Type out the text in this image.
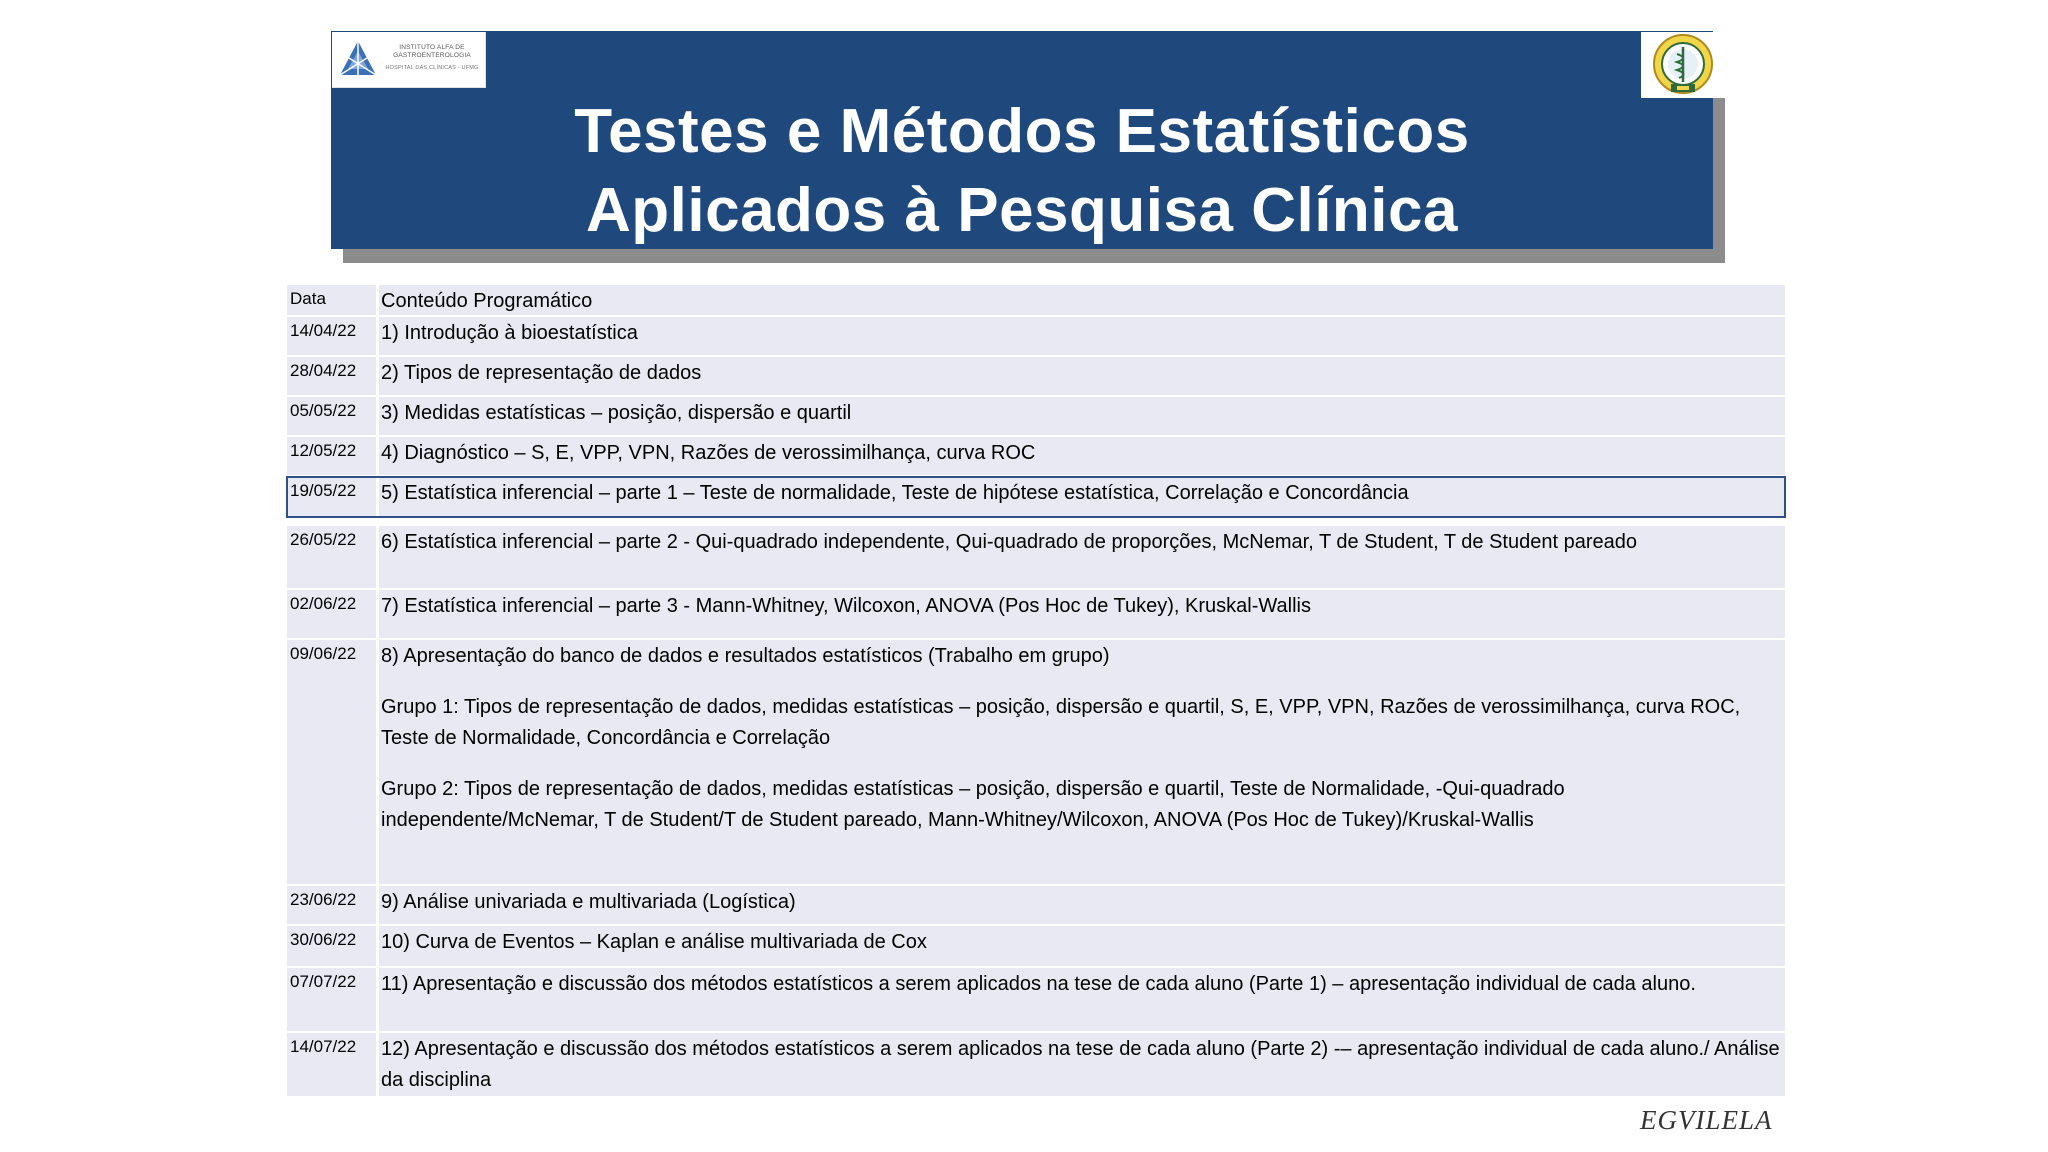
Testes e Métodos Estatísticos
Aplicados à Pesquisa Clínica
INSTITUTO ALFA DE
GASTROENTEROLOGIA
HOSPITAL DAS CLÍNICAS - UFMG
Data	Conteúdo Programático
14/04/22	1) Introdução à bioestatística
28/04/22	2) Tipos de representação de dados
05/05/22	3) Medidas estatísticas – posição, dispersão e quartil
12/05/22	4) Diagnóstico – S, E, VPP, VPN, Razões de verossimilhança, curva ROC
19/05/22	5) Estatística inferencial – parte 1 – Teste de normalidade, Teste de hipótese estatística, Correlação e Concordância
26/05/22	6) Estatística inferencial – parte 2 - Qui-quadrado independente, Qui-quadrado de proporções, McNemar, T de Student, T de Student pareado
02/06/22	7) Estatística inferencial – parte 3 - Mann-Whitney, Wilcoxon, ANOVA (Pos Hoc de Tukey), Kruskal-Wallis
09/06/22	8) Apresentação do banco de dados e resultados estatísticos (Trabalho em grupo)
Grupo 1: Tipos de representação de dados, medidas estatísticas – posição, dispersão e quartil, S, E, VPP, VPN, Razões de verossimilhança, curva ROC, Teste de Normalidade, Concordância e Correlação
Grupo 2: Tipos de representação de dados, medidas estatísticas – posição, dispersão e quartil, Teste de Normalidade, -Qui-quadrado independente/McNemar, T de Student/T de Student pareado, Mann-Whitney/Wilcoxon, ANOVA (Pos Hoc de Tukey)/Kruskal-Wallis
23/06/22	9) Análise univariada e multivariada (Logística)
30/06/22	10) Curva de Eventos – Kaplan e análise multivariada de Cox
07/07/22	11) Apresentação e discussão dos métodos estatísticos a serem aplicados na tese de cada aluno (Parte 1) – apresentação individual de cada aluno.
14/07/22	12) Apresentação e discussão dos métodos estatísticos a serem aplicados na tese de cada aluno (Parte 2) -– apresentação individual de cada aluno./ Análise da disciplina
EGVILELA
